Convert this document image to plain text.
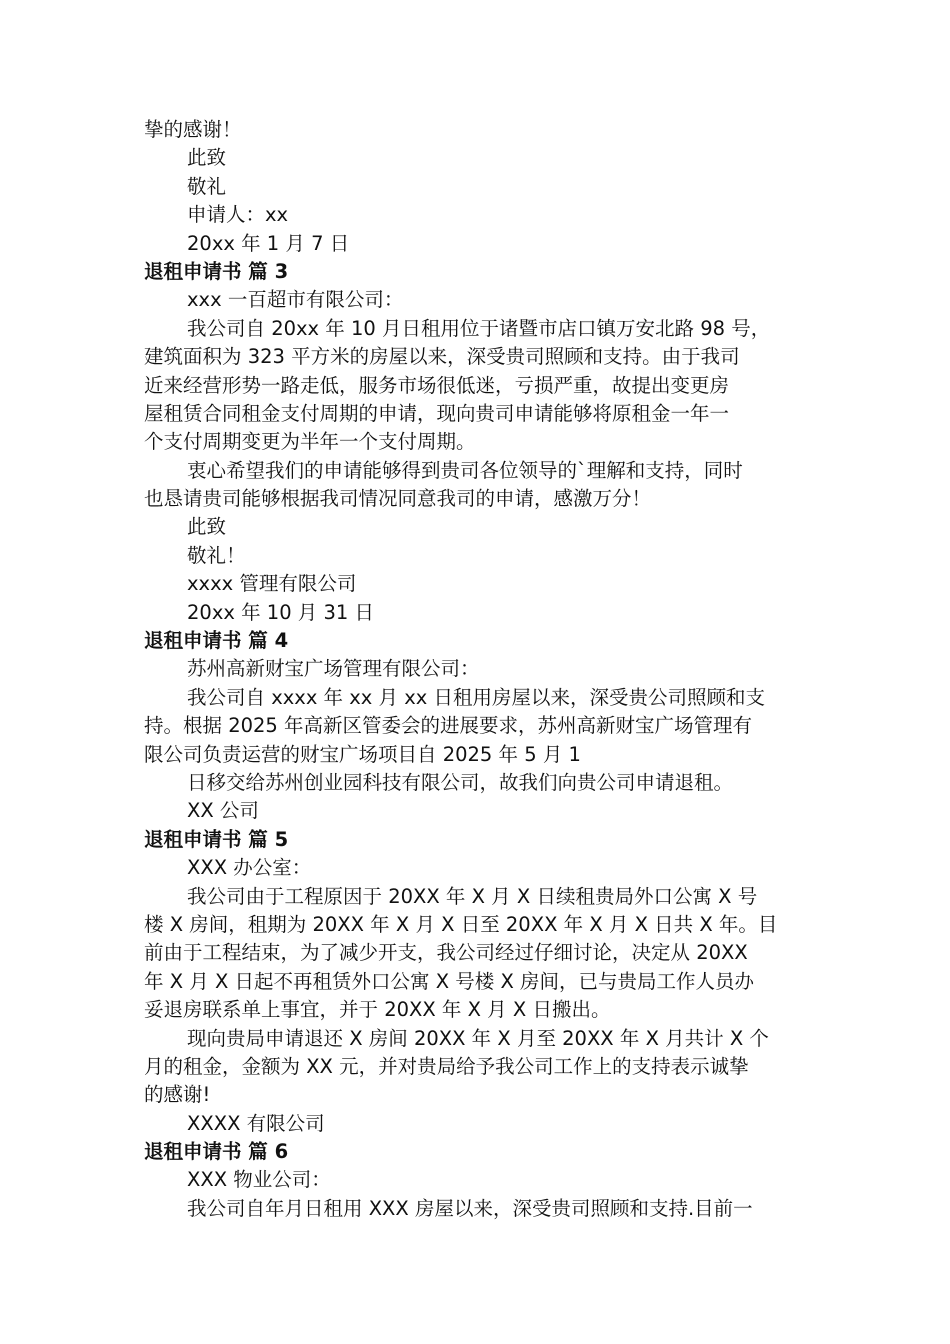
挚的感谢！
此致
敬礼
申请人：xx
20xx 年 1 月 7 日
退租申请书 篇 3
xxx 一百超市有限公司：
我公司自 20xx 年 10 月日租用位于诸暨市店口镇万安北路 98 号，
建筑面积为 323 平方米的房屋以来，深受贵司照顾和支持。由于我司
近来经营形势一路走低，服务市场很低迷，亏损严重，故提出变更房
屋租赁合同租金支付周期的申请，现向贵司申请能够将原租金一年一
个支付周期变更为半年一个支付周期。
衷心希望我们的申请能够得到贵司各位领导的`理解和支持，同时
也恳请贵司能够根据我司情况同意我司的申请，感激万分！
此致
敬礼！
xxxx 管理有限公司
20xx 年 10 月 31 日
退租申请书 篇 4
苏州高新财宝广场管理有限公司：
我公司自 xxxx 年 xx 月 xx 日租用房屋以来，深受贵公司照顾和支
持。根据 2025 年高新区管委会的进展要求，苏州高新财宝广场管理有
限公司负责运营的财宝广场项目自 2025 年 5 月 1
日移交给苏州创业园科技有限公司，故我们向贵公司申请退租。
XX 公司
退租申请书 篇 5
XXX 办公室：
我公司由于工程原因于 20XX 年 X 月 X 日续租贵局外口公寓 X 号
楼 X 房间，租期为 20XX 年 X 月 X 日至 20XX 年 X 月 X 日共 X 年。目
前由于工程结束，为了减少开支，我公司经过仔细讨论，决定从 20XX
年 X 月 X 日起不再租赁外口公寓 X 号楼 X 房间，已与贵局工作人员办
妥退房联系单上事宜，并于 20XX 年 X 月 X 日搬出。
现向贵局申请退还 X 房间 20XX 年 X 月至 20XX 年 X 月共计 X 个
月的租金，金额为 XX 元，并对贵局给予我公司工作上的支持表示诚挚
的感谢!
XXXX 有限公司
退租申请书 篇 6
XXX 物业公司：
我公司自年月日租用 XXX 房屋以来，深受贵司照顾和支持.目前一
